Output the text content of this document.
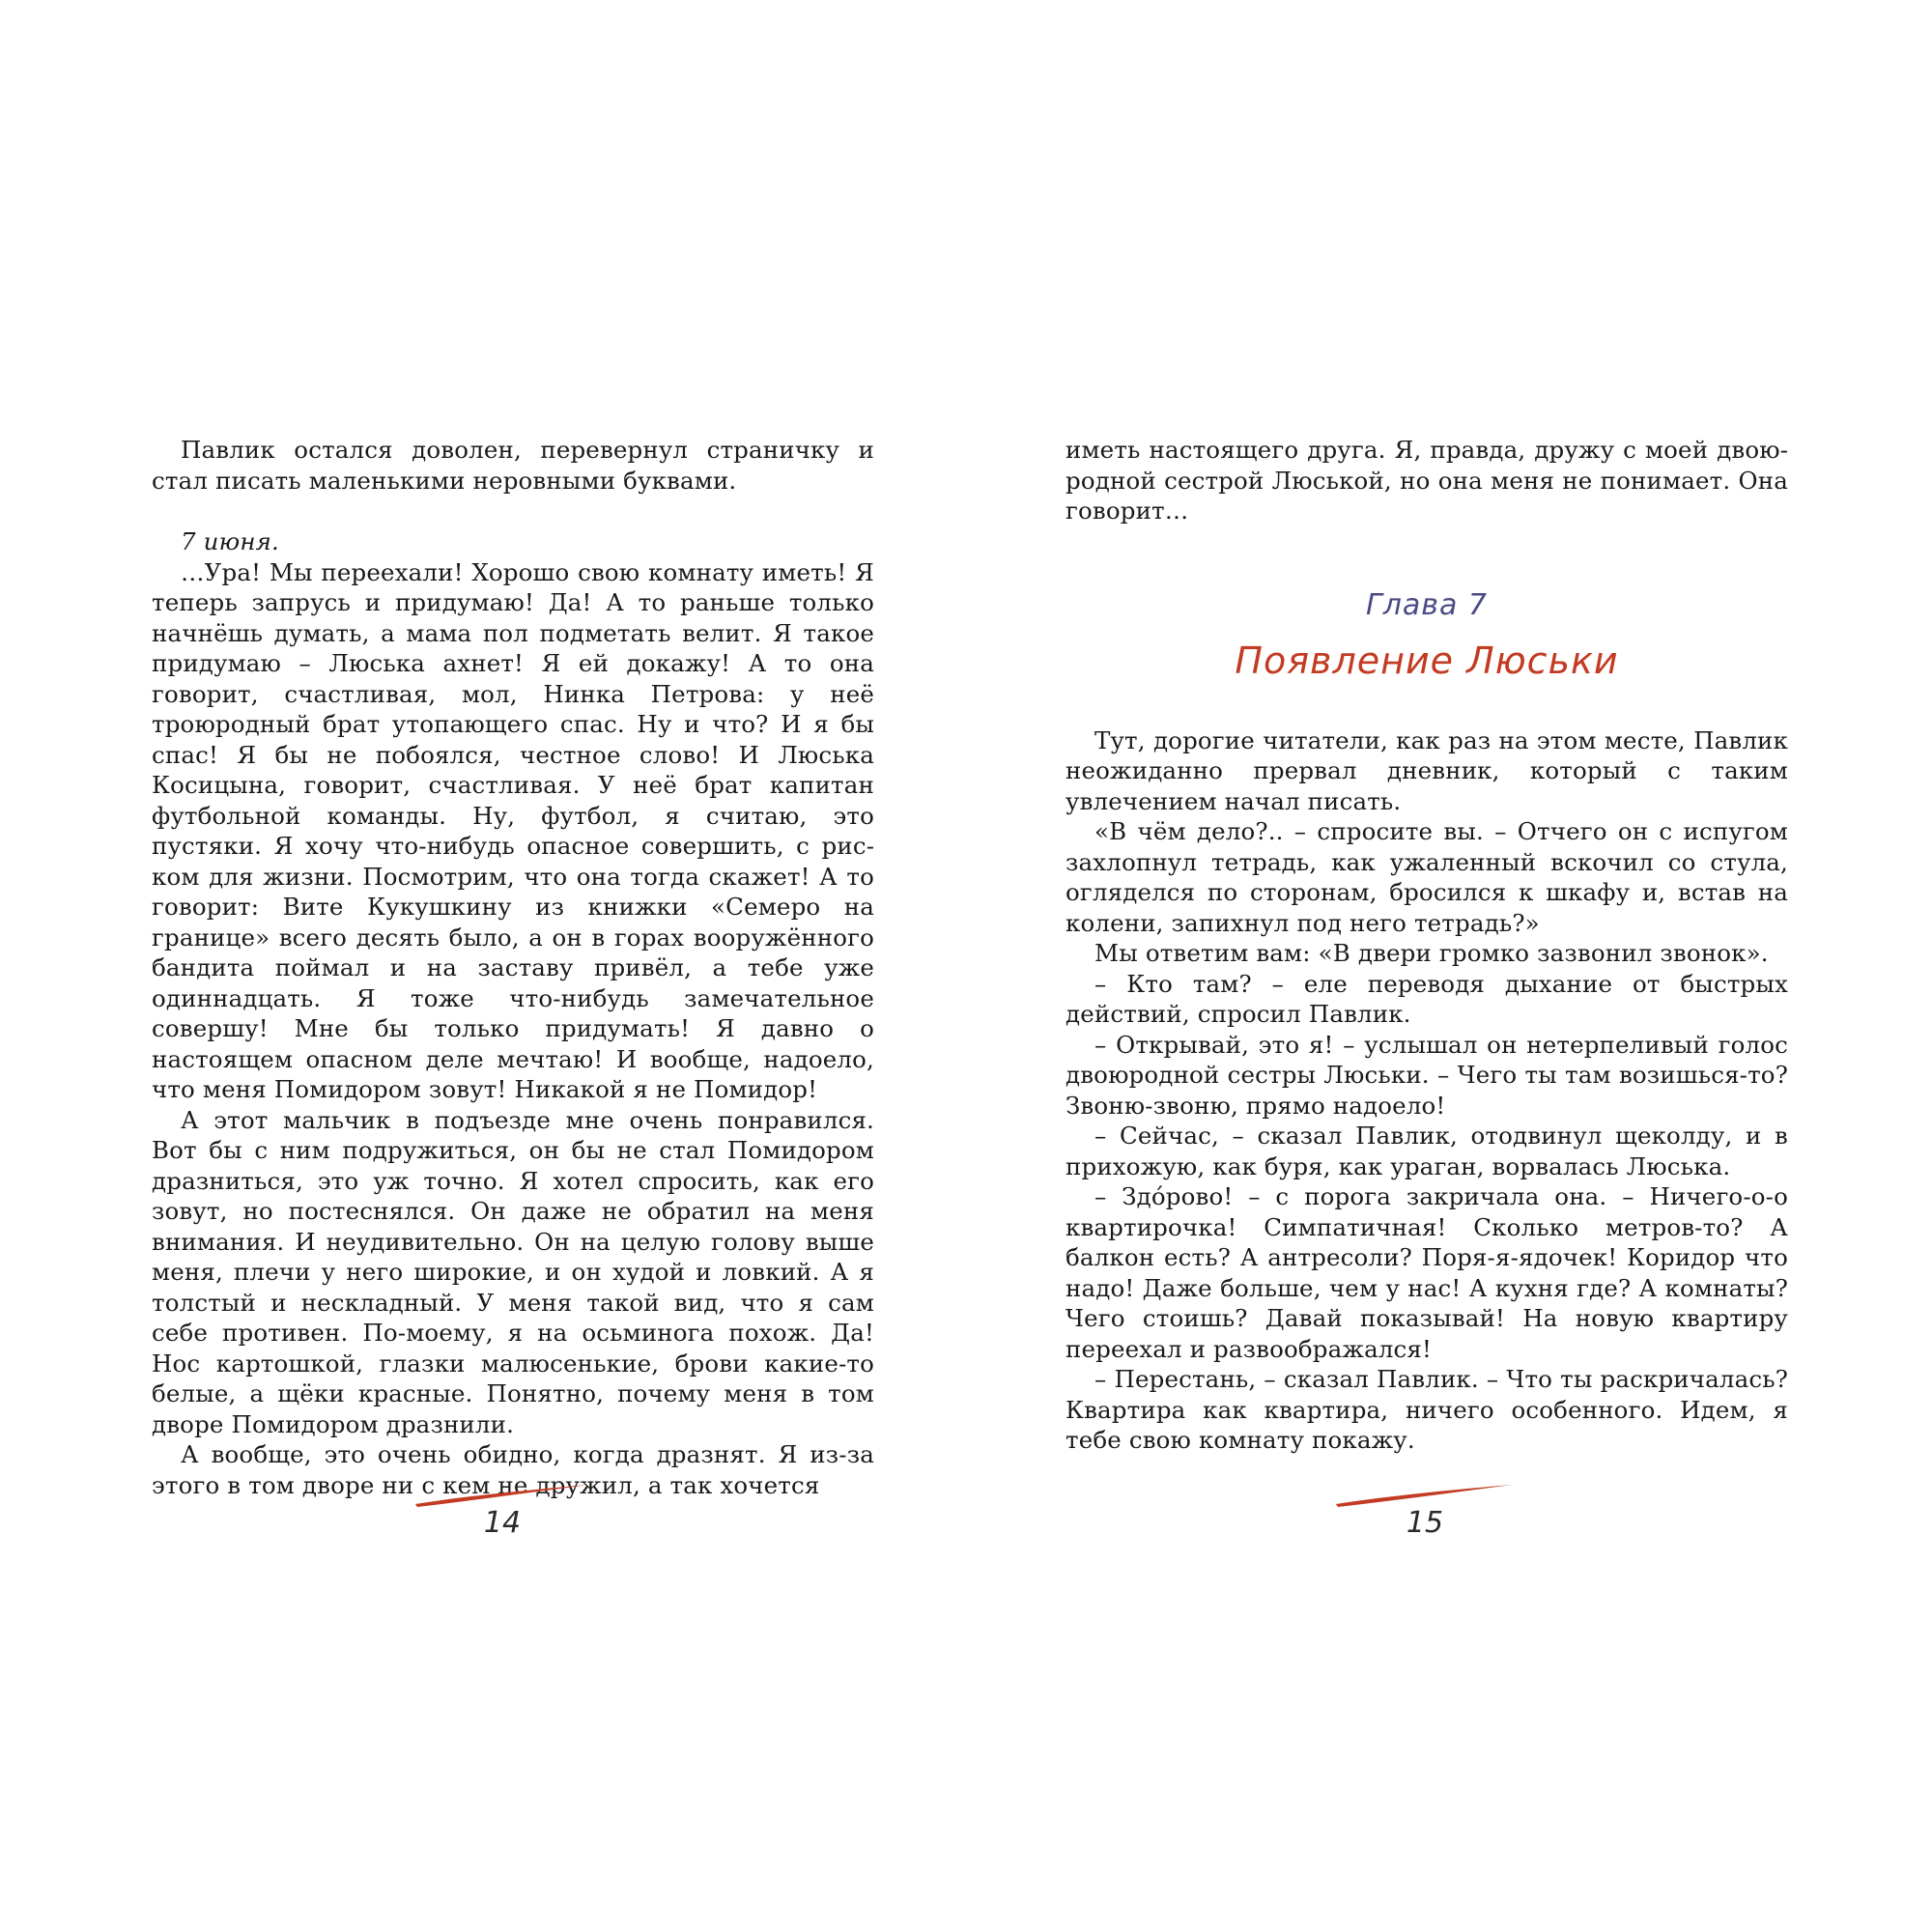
Павлик остался доволен, перевернул страничку и стал писать маленькими неровными буквами.

7 июня.

…Ура! Мы переехали! Хорошо свою комнату иметь! Я теперь запрусь и придумаю! Да! А то раньше только начнёшь думать, а мама пол подметать велит. Я такое придумаю – Люська ахнет! Я ей докажу! А то она говорит, счастливая, мол, Нинка Петрова: у неё троюродный брат утопающего спас. Ну и что? И я бы спас! Я бы не побоялся, честное слово! И Люська Косицына, говорит, счастливая. У неё брат капитан футбольной команды. Ну, футбол, я считаю, это пустяки. Я хочу что-нибудь опасное совершить, с риском для жизни. Посмотрим, что она тогда скажет! А то говорит: Вите Кукушкину из книжки «Семеро на границе» всего десять было, а он в горах вооружённого бандита поймал и на заставу привёл, а тебе уже одиннадцать. Я тоже что-нибудь замечательное совершу! Мне бы только придумать! Я давно о настоящем опасном деле мечтаю! И вообще, надоело, что меня Помидором зовут! Никакой я не Помидор!

А этот мальчик в подъезде мне очень понравился. Вот бы с ним подружиться, он бы не стал Помидором дразниться, это уж точно. Я хотел спросить, как его зовут, но постеснялся. Он даже не обратил на меня внимания. И неудивительно. Он на целую голову выше меня, плечи у него широкие, и он худой и ловкий. А я толстый и нескладный. У меня такой вид, что я сам себе противен. По-моему, я на осьминога похож. Да! Нос картошкой, глазки малюсенькие, брови какие-то белые, а щёки красные. Понятно, почему меня в том дворе Помидором дразнили.

А вообще, это очень обидно, когда дразнят. Я из-за этого в том дворе ни с кем не дружил, а так хочется

иметь настоящего друга. Я, правда, дружу с моей двоюродной сестрой Люськой, но она меня не понимает. Она говорит…

Глава 7
Появление Люськи

Тут, дорогие читатели, как раз на этом месте, Павлик неожиданно прервал дневник, который с таким увлечением начал писать.

«В чём дело?.. – спросите вы. – Отчего он с испугом захлопнул тетрадь, как ужаленный вскочил со стула, огляделся по сторонам, бросился к шкафу и, встав на колени, запихнул под него тетрадь?»

Мы ответим вам: «В двери громко зазвонил звонок».

– Кто там? – еле переводя дыхание от быстрых действий, спросил Павлик.

– Открывай, это я! – услышал он нетерпеливый голос двоюродной сестры Люськи. – Чего ты там возишься-то? Звоню-звоню, прямо надоело!

– Сейчас, – сказал Павлик, отодвинул щеколду, и в прихожую, как буря, как ураган, ворвалась Люська.

– Здóрово! – с порога закричала она. – Ничего-о-о квартирочка! Симпатичная! Сколько метров-то? А балкон есть? А антресоли? Поря-я-ядочек! Коридор что надо! Даже больше, чем у нас! А кухня где? А комнаты? Чего стоишь? Давай показывай! На новую квартиру переехал и развоображался!

– Перестань, – сказал Павлик. – Что ты раскричалась? Квартира как квартира, ничего особенного. Идем, я тебе свою комнату покажу.

14	15
